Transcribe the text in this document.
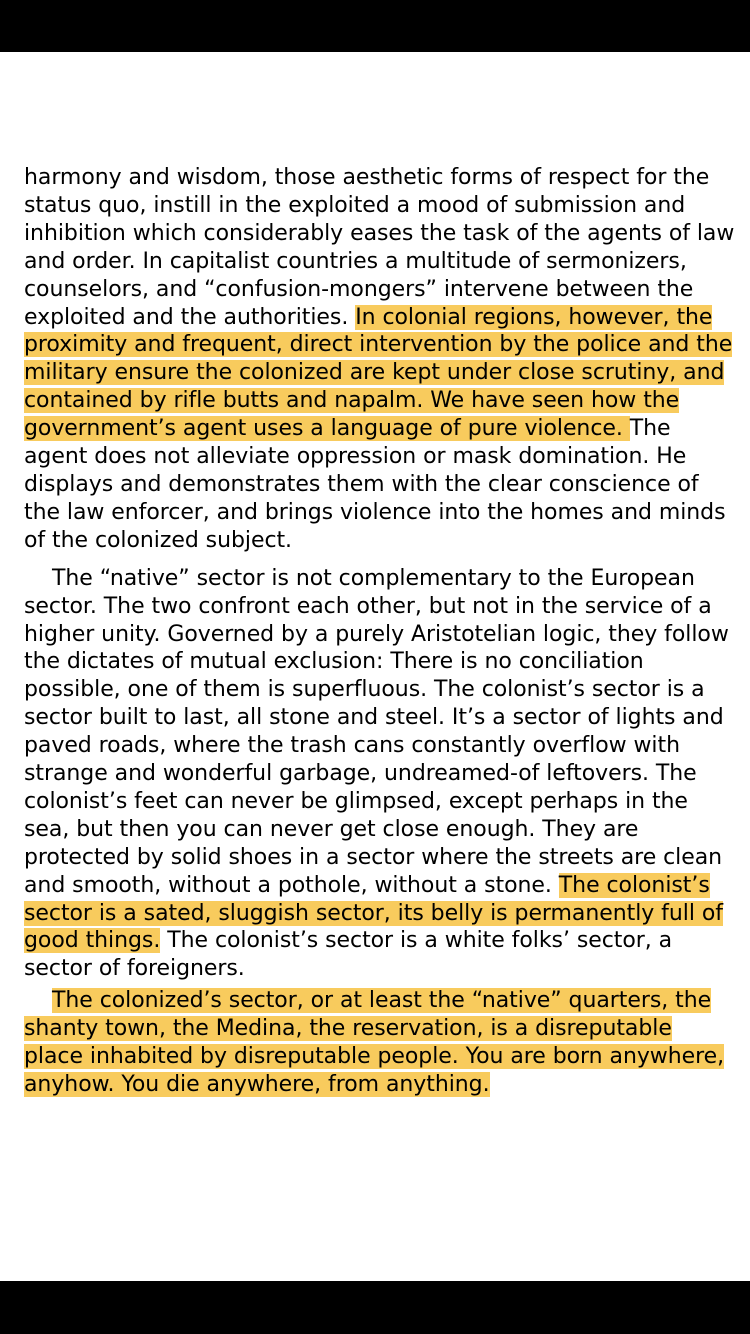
harmony and wisdom, those aesthetic forms of respect for the status quo, instill in the exploited a mood of submission and inhibition which considerably eases the task of the agents of law and order. In capitalist countries a multitude of sermonizers, counselors, and “confusion-mongers” intervene between the exploited and the authorities. In colonial regions, however, the proximity and frequent, direct intervention by the police and the military ensure the colonized are kept under close scrutiny, and contained by rifle butts and napalm. We have seen how the government’s agent uses a language of pure violence. The agent does not alleviate oppression or mask domination. He displays and demonstrates them with the clear conscience of the law enforcer, and brings violence into the homes and minds of the colonized subject.

The “native” sector is not complementary to the European sector. The two confront each other, but not in the service of a higher unity. Governed by a purely Aristotelian logic, they follow the dictates of mutual exclusion: There is no conciliation possible, one of them is superfluous. The colonist’s sector is a sector built to last, all stone and steel. It’s a sector of lights and paved roads, where the trash cans constantly overflow with strange and wonderful garbage, undreamed-of leftovers. The colonist’s feet can never be glimpsed, except perhaps in the sea, but then you can never get close enough. They are protected by solid shoes in a sector where the streets are clean and smooth, without a pothole, without a stone. The colonist’s sector is a sated, sluggish sector, its belly is permanently full of good things. The colonist’s sector is a white folks’ sector, a sector of foreigners.

The colonized’s sector, or at least the “native” quarters, the shanty town, the Medina, the reservation, is a disreputable place inhabited by disreputable people. You are born anywhere, anyhow. You die anywhere, from anything.
